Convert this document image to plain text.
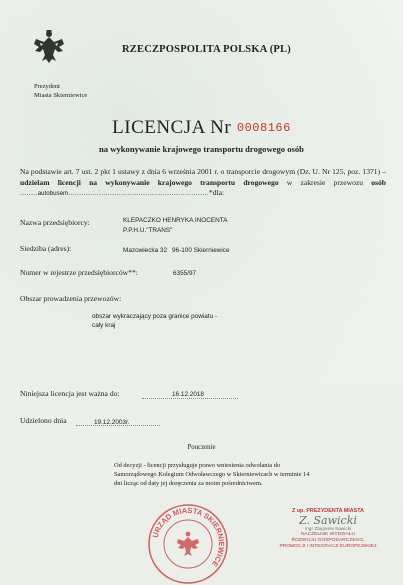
RZECZPOSPOLITA POLSKA (PL)
Prezydent
Miasta Skierniewice
LICENCJA Nr 0008166
na wykonywanie krajowego transportu drogowego osób
Na podstawie art. 7 ust. 2 pkt 1 ustawy z dnia 6 września 2001 r. o transporcie drogowym (Dz. U. Nr 125, poz. 1371) – udzielam licencji na wykonywanie krajowego transportu drogowego w zakresie przewozu osób ........autobusem................................................................*dla:
Nazwa przedsiębiorcy:	KLEPACZKO HENRYKA INOCENTA
P.P.H.U."TRANS"
Siedziba (adres):	Mazowiecka 32 96-100 Skierniewice
Numer w rejestrze przedsiębiorców**:	6355/97
Obszar prowadzenia przewozów:
obszar wykraczający poza granice powiatu -
cały kraj
Niniejsza licencja jest ważna do:	16.12.2018
Udzielono dnia	19.12.2003r.
Pouczenie
Od decyzji - licencji przysługuje prawo wniesienia odwołania do Samorządowego Kolegium Odwoławczego w Skierniewicach w terminie 14 dni licząc od daty jej doręczenia za moim pośrednictwem.
URZĄD MIASTA SKIERNIEWICE
Z up. PREZYDENTA MIASTA
Z. Sawicki
mgr Zbigniew Sawicki
NACZELNIK WYDZIAŁU
ROZWOJU GOSPODARCZEGO,
PROMOCJI I INTEGRACJI EUROPEJSKIEJ
